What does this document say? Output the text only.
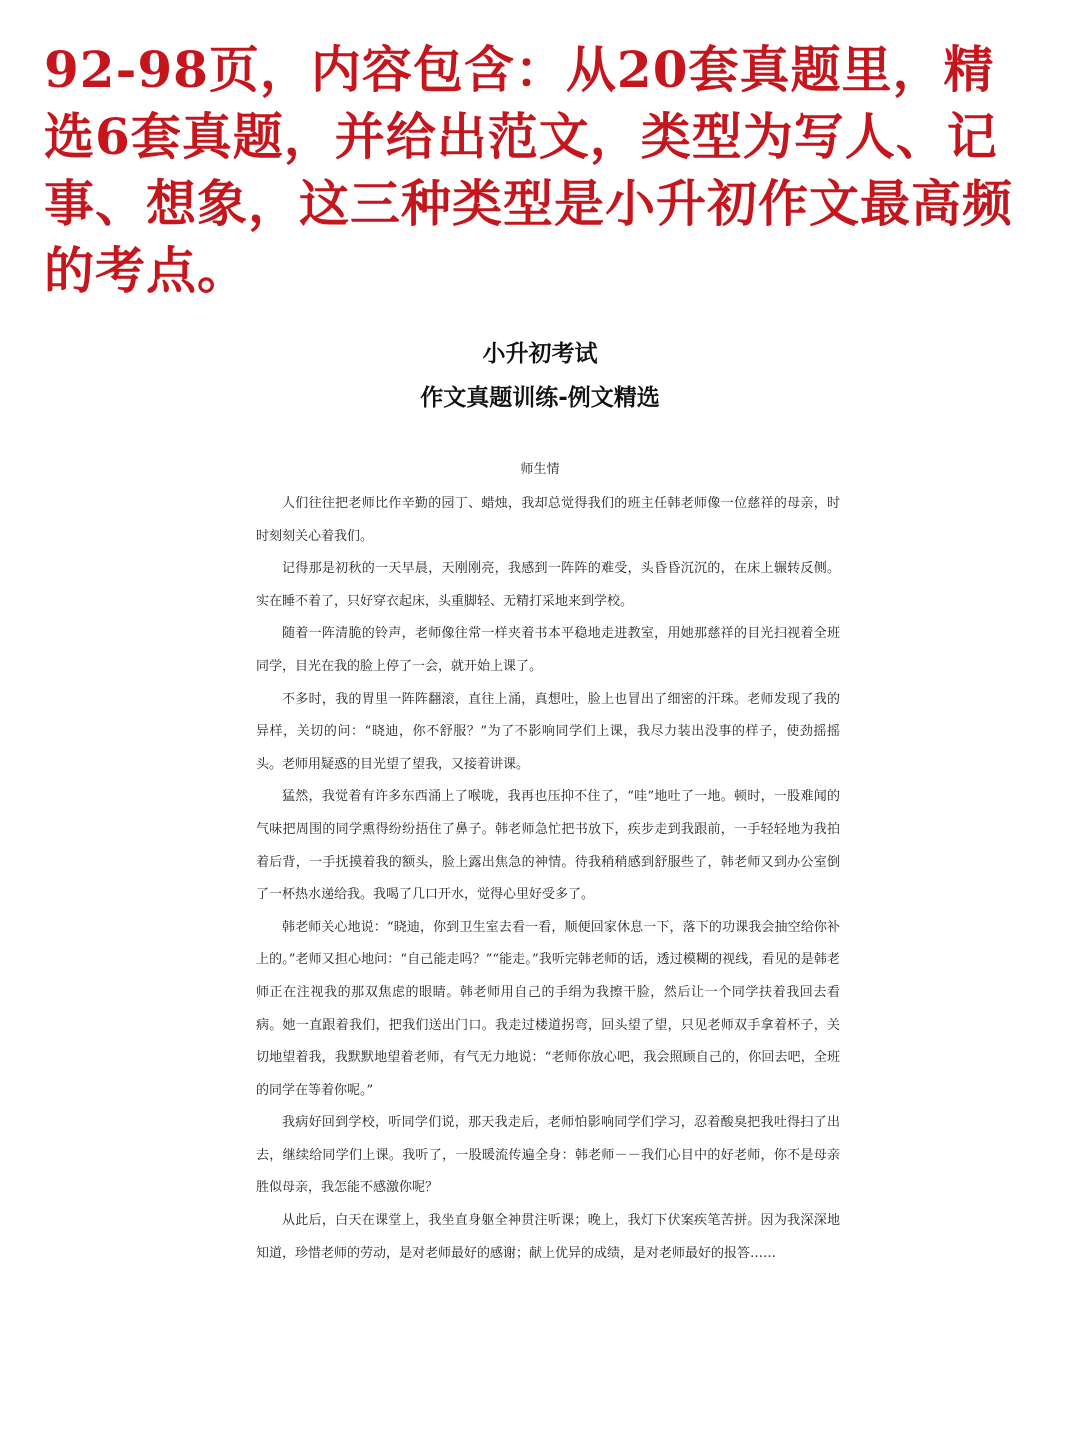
92-98页，内容包含：从20套真题里，精选6套真题，并给出范文，类型为写人、记事、想象，这三种类型是小升初作文最高频的考点。
小升初考试
作文真题训练-例文精选
师生情

人们往往把老师比作辛勤的园丁、蜡烛，我却总觉得我们的班主任韩老师像一位慈祥的母亲，时时刻刻关心着我们。

记得那是初秋的一天早晨，天刚刚亮，我感到一阵阵的难受，头昏昏沉沉的，在床上辗转反侧。实在睡不着了，只好穿衣起床，头重脚轻、无精打采地来到学校。

随着一阵清脆的铃声，老师像往常一样夹着书本平稳地走进教室，用她那慈祥的目光扫视着全班同学，目光在我的脸上停了一会，就开始上课了。

不多时，我的胃里一阵阵翻滚，直往上涌，真想吐，脸上也冒出了细密的汗珠。老师发现了我的异样，关切的问：“晓迪，你不舒服？”为了不影响同学们上课，我尽力装出没事的样子，使劲摇摇头。老师用疑惑的目光望了望我，又接着讲课。

猛然，我觉着有许多东西涌上了喉咙，我再也压抑不住了，“哇”地吐了一地。顿时，一股难闻的气味把周围的同学熏得纷纷捂住了鼻子。韩老师急忙把书放下，疾步走到我跟前，一手轻轻地为我拍着后背，一手抚摸着我的额头，脸上露出焦急的神情。待我稍稍感到舒服些了，韩老师又到办公室倒了一杯热水递给我。我喝了几口开水，觉得心里好受多了。

韩老师关心地说：“晓迪，你到卫生室去看一看，顺便回家休息一下，落下的功课我会抽空给你补上的。”老师又担心地问：“自己能走吗？”“能走。”我听完韩老师的话，透过模糊的视线，看见的是韩老师正在注视我的那双焦虑的眼睛。韩老师用自己的手绢为我擦干脸，然后让一个同学扶着我回去看病。她一直跟着我们，把我们送出门口。我走过楼道拐弯，回头望了望，只见老师双手拿着杯子，关切地望着我，我默默地望着老师，有气无力地说：“老师你放心吧，我会照顾自己的，你回去吧，全班的同学在等着你呢。”

我病好回到学校，听同学们说，那天我走后，老师怕影响同学们学习，忍着酸臭把我吐得扫了出去，继续给同学们上课。我听了，一股暖流传遍全身：韩老师－－我们心目中的好老师，你不是母亲胜似母亲，我怎能不感激你呢？

从此后，白天在课堂上，我坐直身躯全神贯注听课；晚上，我灯下伏案疾笔苦拼。因为我深深地知道，珍惜老师的劳动，是对老师最好的感谢；献上优异的成绩，是对老师最好的报答……
